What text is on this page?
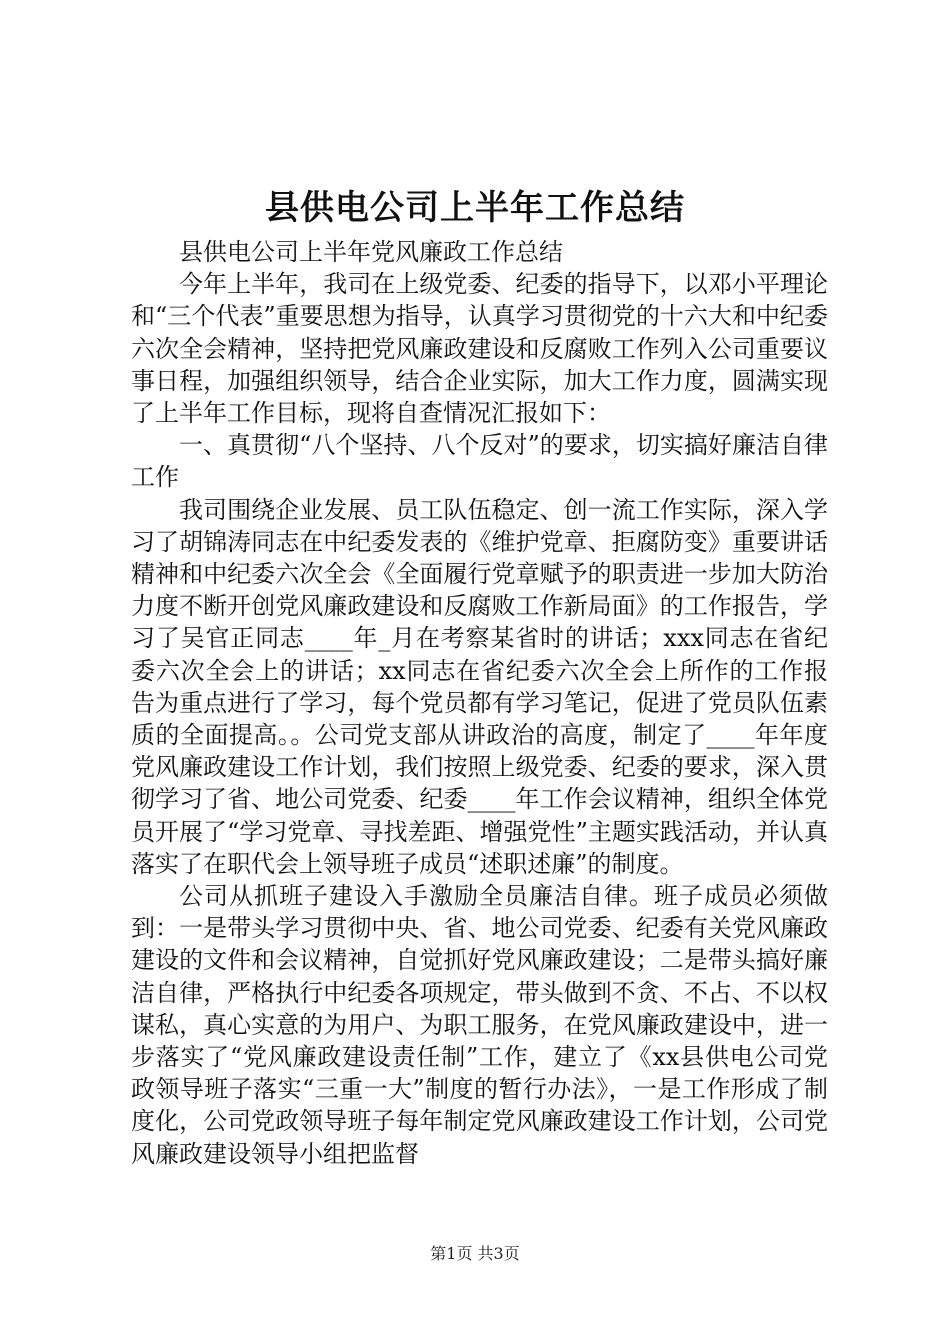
县供电公司上半年工作总结

县供电公司上半年党风廉政工作总结

今年上半年，我司在上级党委、纪委的指导下，以邓小平理论和“三个代表”重要思想为指导，认真学习贯彻党的十六大和中纪委六次全会精神，坚持把党风廉政建设和反腐败工作列入公司重要议事日程，加强组织领导，结合企业实际，加大工作力度，圆满实现了上半年工作目标，现将自查情况汇报如下：

一、真贯彻“八个坚持、八个反对”的要求，切实搞好廉洁自律工作

我司围绕企业发展、员工队伍稳定、创一流工作实际，深入学习了胡锦涛同志在中纪委发表的《维护党章、拒腐防变》重要讲话精神和中纪委六次全会《全面履行党章赋予的职责进一步加大防治力度不断开创党风廉政建设和反腐败工作新局面》的工作报告，学习了吴官正同志____年_月在考察某省时的讲话；xxx同志在省纪委六次全会上的讲话；xx同志在省纪委六次全会上所作的工作报告为重点进行了学习，每个党员都有学习笔记，促进了党员队伍素质的全面提高。。公司党支部从讲政治的高度，制定了____年年度党风廉政建设工作计划，我们按照上级党委、纪委的要求，深入贯彻学习了省、地公司党委、纪委____年工作会议精神，组织全体党员开展了“学习党章、寻找差距、增强党性”主题实践活动，并认真落实了在职代会上领导班子成员“述职述廉”的制度。

公司从抓班子建设入手激励全员廉洁自律。班子成员必须做到：一是带头学习贯彻中央、省、地公司党委、纪委有关党风廉政建设的文件和会议精神，自觉抓好党风廉政建设；二是带头搞好廉洁自律，严格执行中纪委各项规定，带头做到不贪、不占、不以权谋私，真心实意的为用户、为职工服务，在党风廉政建设中，进一步落实了“党风廉政建设责任制”工作，建立了《xx县供电公司党政领导班子落实“三重一大”制度的暂行办法》，一是工作形成了制度化，公司党政领导班子每年制定党风廉政建设工作计划，公司党风廉政建设领导小组把监督

第1页 共3页
